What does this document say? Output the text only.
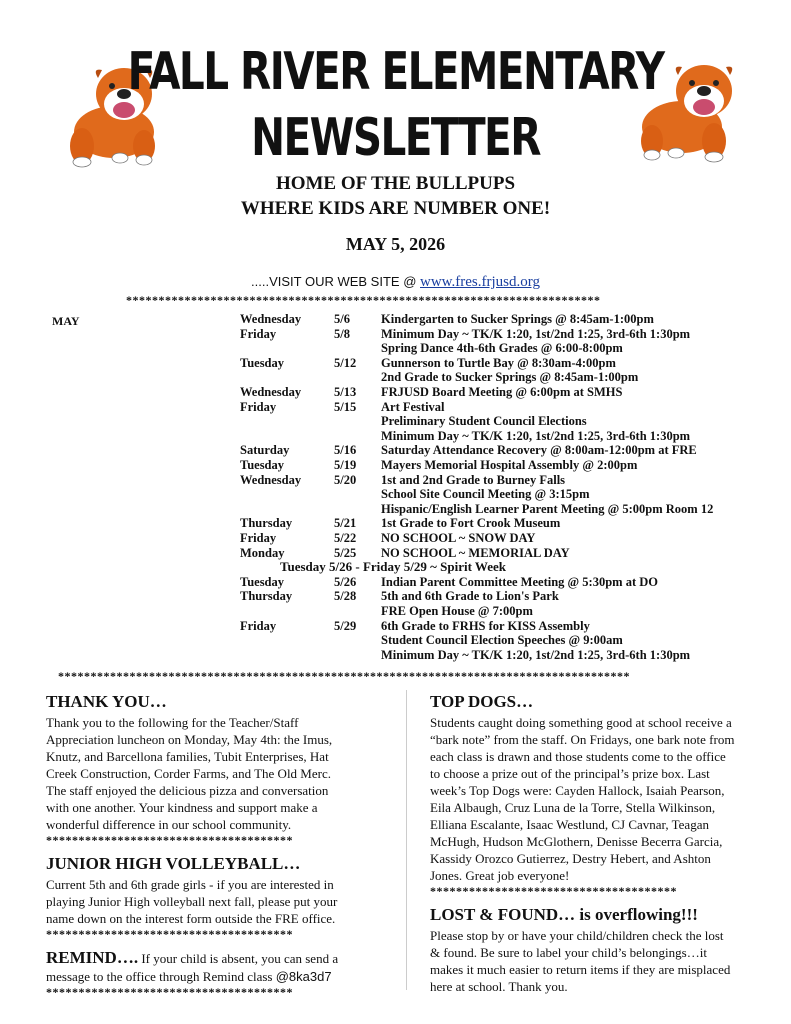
FALL RIVER ELEMENTARY
NEWSLETTER
HOME OF THE BULLPUPS
WHERE KIDS ARE NUMBER ONE!
MAY 5, 2026
.....VISIT OUR WEB SITE @ www.fres.frjusd.org
*************************************************************************
MAY	Wednesday	5/6 Kindergarten to Sucker Springs @ 8:45am-1:00pm
Friday	5/8 Minimum Day ~ TK/K 1:20, 1st/2nd 1:25, 3rd-6th 1:30pm
Spring Dance 4th-6th Grades @ 6:00-8:00pm
Tuesday	5/12 Gunnerson to Turtle Bay @ 8:30am-4:00pm
2nd Grade to Sucker Springs @ 8:45am-1:00pm
Wednesday	5/13 FRJUSD Board Meeting @ 6:00pm at SMHS
Friday	5/15 Art Festival
Preliminary Student Council Elections
Minimum Day ~ TK/K 1:20, 1st/2nd 1:25, 3rd-6th 1:30pm
Saturday	5/16 Saturday Attendance Recovery @ 8:00am-12:00pm at FRE
Tuesday	5/19 Mayers Memorial Hospital Assembly @ 2:00pm
Wednesday	5/20 1st and 2nd Grade to Burney Falls
School Site Council Meeting @ 3:15pm
Hispanic/English Learner Parent Meeting @ 5:00pm Room 12
Thursday	5/21 1st Grade to Fort Crook Museum
Friday	5/22 NO SCHOOL ~ SNOW DAY
Monday	5/25 NO SCHOOL ~ MEMORIAL DAY
Tuesday 5/26 - Friday 5/29 ~ Spirit Week
Tuesday	5/26 Indian Parent Committee Meeting @ 5:30pm at DO
Thursday	5/28 5th and 6th Grade to Lion's Park
FRE Open House @ 7:00pm
Friday	5/29 6th Grade to FRHS for KISS Assembly
Student Council Election Speeches @ 9:00am
Minimum Day ~ TK/K 1:20, 1st/2nd 1:25, 3rd-6th 1:30pm
****************************************************************************************
THANK YOU…
Thank you to the following for the Teacher/Staff
Appreciation luncheon on Monday, May 4th: the Imus,
Knutz, and Barcellona families, Tubit Enterprises, Hat
Creek Construction, Corder Farms, and The Old Merc.
The staff enjoyed the delicious pizza and conversation
with one another. Your kindness and support make a
wonderful difference in our school community.
**************************************
JUNIOR HIGH VOLLEYBALL…
Current 5th and 6th grade girls - if you are interested in
playing Junior High volleyball next fall, please put your
name down on the interest form outside the FRE office.
**************************************
REMIND…. If your child is absent, you can send a
message to the office through Remind class @8ka3d7
**************************************
TOP DOGS…
Students caught doing something good at school receive a
“bark note” from the staff. On Fridays, one bark note from
each class is drawn and those students come to the office
to choose a prize out of the principal’s prize box. Last
week’s Top Dogs were: Cayden Hallock, Isaiah Pearson,
Eila Albaugh, Cruz Luna de la Torre, Stella Wilkinson,
Elliana Escalante, Isaac Westlund, CJ Cavnar, Teagan
McHugh, Hudson McGlothern, Denisse Becerra Garcia,
Kassidy Orozco Gutierrez, Destry Hebert, and Ashton
Jones. Great job everyone!
**************************************
LOST & FOUND… is overflowing!!!
Please stop by or have your child/children check the lost
& found. Be sure to label your child’s belongings…it
makes it much easier to return items if they are misplaced
here at school. Thank you.
